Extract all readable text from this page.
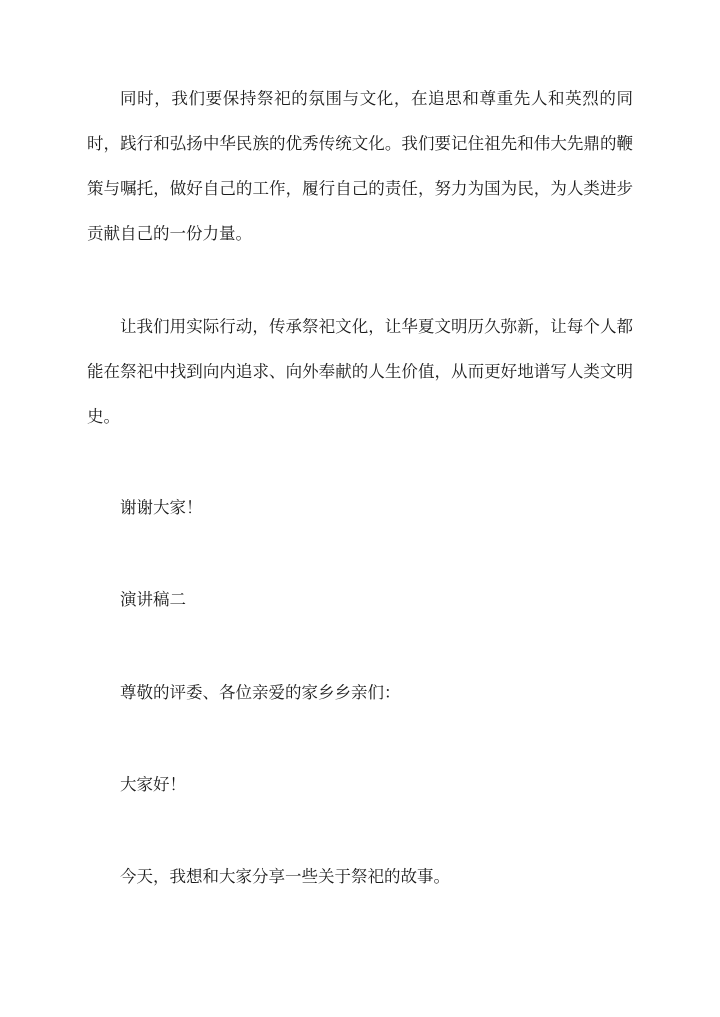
同时，我们要保持祭祀的氛围与文化，在追思和尊重先人和英烈的同时，践行和弘扬中华民族的优秀传统文化。我们要记住祖先和伟大先鼎的鞭策与嘱托，做好自己的工作，履行自己的责任，努力为国为民，为人类进步贡献自己的一份力量。

让我们用实际行动，传承祭祀文化，让华夏文明历久弥新，让每个人都能在祭祀中找到向内追求、向外奉献的人生价值，从而更好地谱写人类文明史。

谢谢大家！

演讲稿二

尊敬的评委、各位亲爱的家乡乡亲们：

大家好！

今天，我想和大家分享一些关于祭祀的故事。
